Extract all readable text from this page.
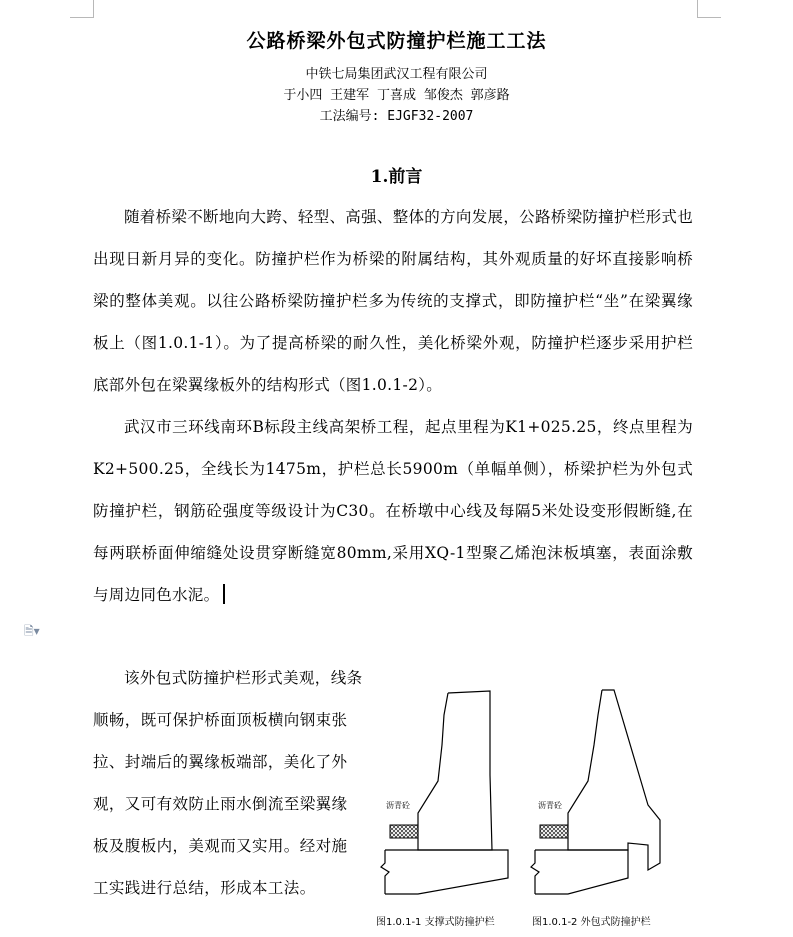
公路桥梁外包式防撞护栏施工工法
中铁七局集团武汉工程有限公司
于小四 王建军 丁喜成 邹俊杰 郭彦路
工法编号: EJGF32-2007
1.前言

随着桥梁不断地向大跨、轻型、高强、整体的方向发展，公路桥梁防撞护栏形式也出现日新月异的变化。防撞护栏作为桥梁的附属结构，其外观质量的好坏直接影响桥梁的整体美观。以往公路桥梁防撞护栏多为传统的支撑式，即防撞护栏“坐”在梁翼缘板上（图1.0.1-1）。为了提高桥梁的耐久性，美化桥梁外观，防撞护栏逐步采用护栏底部外包在梁翼缘板外的结构形式（图1.0.1-2）。

武汉市三环线南环B标段主线高架桥工程，起点里程为K1+025.25，终点里程为K2+500.25，全线长为1475m，护栏总长5900m（单幅单侧），桥梁护栏为外包式防撞护栏，钢筋砼强度等级设计为C30。在桥墩中心线及每隔5米处设变形假断缝,在每两联桥面伸缩缝处设贯穿断缝宽80mm,采用XQ-1型聚乙烯泡沫板填塞，表面涂敷与周边同色水泥。

🗎▾

该外包式防撞护栏形式美观，线条顺畅，既可保护桥面顶板横向钢束张拉、封端后的翼缘板端部，美化了外观，又可有效防止雨水倒流至梁翼缘板及腹板内，美观而又实用。经对施工实践进行总结，形成本工法。

沥青砼	沥青砼
图1.0.1-1 支撑式防撞护栏	图1.0.1-2 外包式防撞护栏
